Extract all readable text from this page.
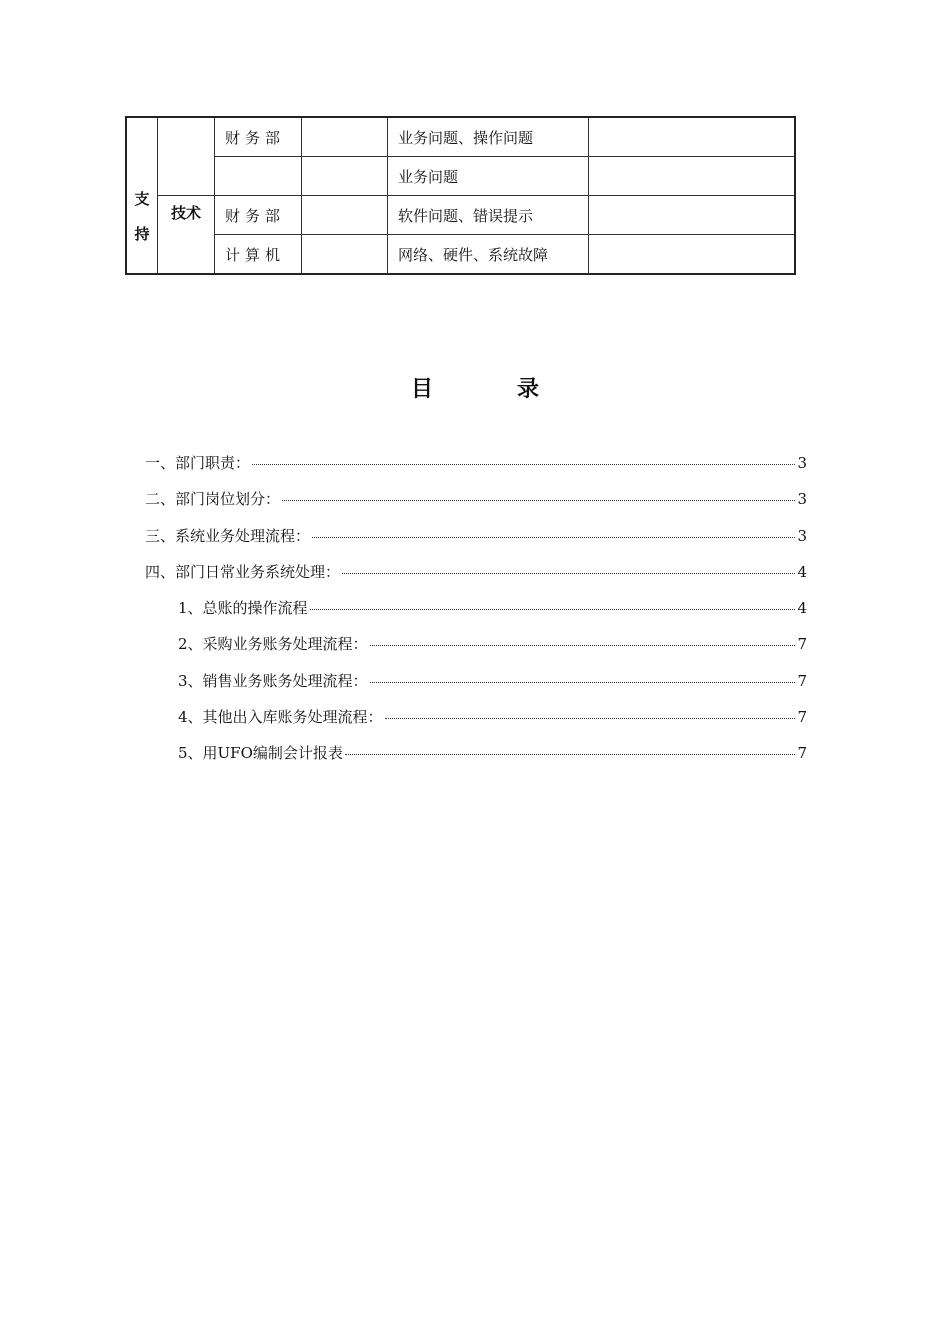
支
持		财务部		业务问题、操作问题	
				业务问题	
	技术	财务部		软件问题、错误提示	
		计算机		网络、硬件、系统故障	
目	录
一、部门职责：	3
二、部门岗位划分：	3
三、系统业务处理流程：	3
四、部门日常业务系统处理：	4
1、总账的操作流程	4
2、采购业务账务处理流程：	7
3、销售业务账务处理流程：	7
4、其他出入库账务处理流程：	7
5、用UFO编制会计报表	7
